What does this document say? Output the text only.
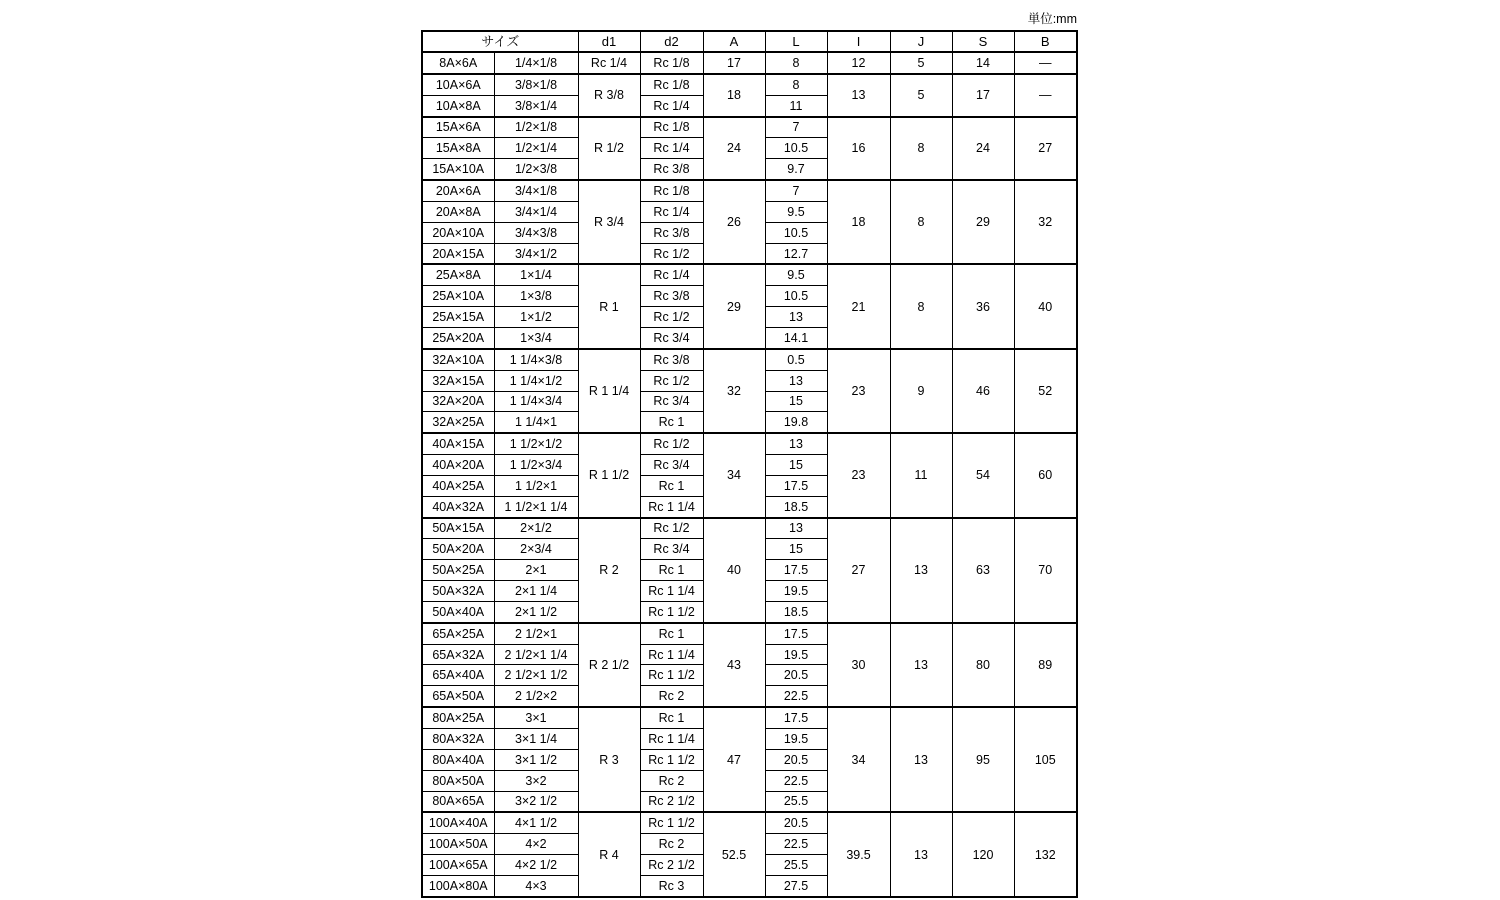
単位:mm
サイズ		d1	d2	A	L	I	J	S	B
8A×6A	1/4×1/8	Rc 1/4	Rc 1/8	17	8	12	5	14	—
10A×6A	3/8×1/8	R 3/8	Rc 1/8	18	8	13	5	17	—
10A×8A	3/8×1/4		Rc 1/4		11				
15A×6A	1/2×1/8	R 1/2	Rc 1/8	24	7	16	8	24	27
15A×8A	1/2×1/4		Rc 1/4		10.5				
15A×10A	1/2×3/8		Rc 3/8		9.7				
20A×6A	3/4×1/8	R 3/4	Rc 1/8	26	7	18	8	29	32
20A×8A	3/4×1/4		Rc 1/4		9.5				
20A×10A	3/4×3/8		Rc 3/8		10.5				
20A×15A	3/4×1/2		Rc 1/2		12.7				
25A×8A	1×1/4	R 1	Rc 1/4	29	9.5	21	8	36	40
25A×10A	1×3/8		Rc 3/8		10.5				
25A×15A	1×1/2		Rc 1/2		13				
25A×20A	1×3/4		Rc 3/4		14.1				
32A×10A	1 1/4×3/8	R 1 1/4	Rc 3/8	32	0.5	23	9	46	52
32A×15A	1 1/4×1/2		Rc 1/2		13				
32A×20A	1 1/4×3/4		Rc 3/4		15				
32A×25A	1 1/4×1		Rc 1		19.8				
40A×15A	1 1/2×1/2	R 1 1/2	Rc 1/2	34	13	23	11	54	60
40A×20A	1 1/2×3/4		Rc 3/4		15				
40A×25A	1 1/2×1		Rc 1		17.5				
40A×32A	1 1/2×1 1/4		Rc 1 1/4		18.5				
50A×15A	2×1/2	R 2	Rc 1/2	40	13	27	13	63	70
50A×20A	2×3/4		Rc 3/4		15				
50A×25A	2×1		Rc 1		17.5				
50A×32A	2×1 1/4		Rc 1 1/4		19.5				
50A×40A	2×1 1/2		Rc 1 1/2		18.5				
65A×25A	2 1/2×1	R 2 1/2	Rc 1	43	17.5	30	13	80	89
65A×32A	2 1/2×1 1/4		Rc 1 1/4		19.5				
65A×40A	2 1/2×1 1/2		Rc 1 1/2		20.5				
65A×50A	2 1/2×2		Rc 2		22.5				
80A×25A	3×1	R 3	Rc 1	47	17.5	34	13	95	105
80A×32A	3×1 1/4		Rc 1 1/4		19.5				
80A×40A	3×1 1/2		Rc 1 1/2		20.5				
80A×50A	3×2		Rc 2		22.5				
80A×65A	3×2 1/2		Rc 2 1/2		25.5				
100A×40A	4×1 1/2	R 4	Rc 1 1/2	52.5	20.5	39.5	13	120	132
100A×50A	4×2		Rc 2		22.5				
100A×65A	4×2 1/2		Rc 2 1/2		25.5				
100A×80A	4×3		Rc 3		27.5				
